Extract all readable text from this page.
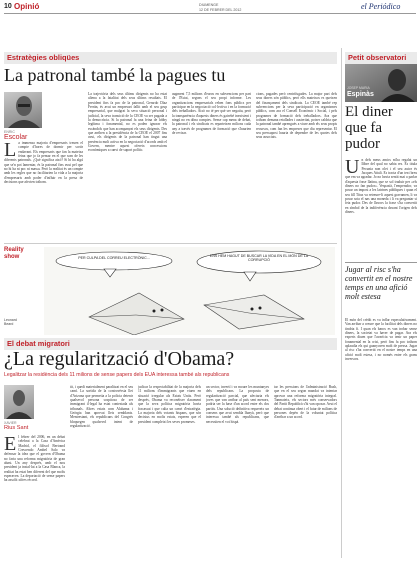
10 Opinió	DIUMENGE
12 DE FEBRER DEL 2012	el Periódico
Estratègies obliqües
La patronal també la pagues tu
ENRIC
Escolar
La immensa majoria d'empresaris treuen el compte d'hores de dormir per sortir endavant. Els empresaris que fan la mateixa feina que jo fa pensar en el que som de les diferents patronals. ¿Què significa això? Si hi ha algú que se'n pot lamentar, és la patronal fins avui pel que no hi ha ni poc ni massa. Però la realitat és un compte amb les regles que no facilitarien la vida a la majoria d'empresaris amb poder d'influir en la presa de decisions que afecten tothom.
La trajectòria dels seus últims dirigents no ha estat aliena a la fatalitat dels seus últims resultats. El president fins fa poc de la patronal, Gerardo Díaz Ferrán, és avui un empresari fallit amb el seu grup empresarial, que malgrat la seva situació personal i judicial, la seva transició de la CEOE va ser pagada a la democràcia. Si la patronal fa una feina de lobby legítima i fonamental, no es poden ignorar els escàndols que han acompanyat els seus dirigents. Des que arriben a la presidència de la CEOE el 2007 fins avui, els dirigents de la patronal han tingut una presència molt activa en la negociació d'acords amb el Govern, mentre aquest ofereix concessions econòmiques a canvi de suport polític.
augment 7,5 milions d'euros en subvencions per part de l'Estat, segons el seu propi informe. Les organitzacions empresarials reben fons públics per participar en la negociació col·lectiva i en la formació dels treballadors. Això no té per què ser negatiu, però la transparència d'aquests diners és gairebé inexistent i ningú no en dóna comptes. Sense cap mena de debat, la patronal i els sindicats es reparteixen milions cada any a través de programes de formació que s'haurien de revisar.
cions, pagades però centrifugades. La major part dels seus diners són públics, però ells mateixos es queixen del finançament dels sindicats. La CEOE també rep subvencions per la seva participació en organismes públics, com ara el Consell Econòmic i Social, i pels programes de formació dels treballadors. Ara que tothom demana retallades i austeritat, potser caldria que la patronal també aprengués a viure amb els seus propis recursos, com fan les empreses que diu representar. El seu pressupost hauria de dependre de les quotes dels seus associats.
Reality
show	PER CULPA DEL CORREU ELECTRÒNIC...	ENS HEM HAGUT DE BUSCAR LA VIDA EN EL MÓN DE LA CORRUPCIÓ
Leonard
Beard
Petit observatori
JOSEP MARIA
Espinàs
El diner que fa pudor
Un dels meus amics m'ha regalat un llibre del qual no sabia res. Es titula Pecunia non olet i el seu autor és Jacques Attali. Es tracta d'un text breu que em va agradar. Jo no havia sentit mai a parlar d'aquesta frase llatina, que se sol traduir per «els diners no fan pudor». Vespasià, l'emperador, va posar un impost a les latrines públiques i quan el seu fill Titus va retreure-li aquest gravamen, li va posar sota el nas una moneda i li va preguntar si feia pudor. Des de llavors la frase s'ha convertit en símbol de la indiferència davant l'origen dels diners.
Jugar al risc s'ha convertit en el nostre temps en una afició molt estesa
El món del crèdit es va inflar especulativament. Van arribar a creure que la facilitat dels diners no tindria fi. I quan els bancs es van trobar sense diners, la societat va haver de pagar. Ara els experts diuen que l'avarícia va tenir un paper fonamental en la crisi, però fins fa poc tothom aplaudia els qui guanyaven molt de pressa. Jugar al risc s'ha convertit en el nostre temps en una afició molt estesa, i no només entre els grans inversors.
El debat migratori
¿La regularització d'Obama?
Legalitzar la residència dels 11 milions de sense papers dels EUA interessa també als republicans
XAVIER
Rius Sant
El febrer del 2006, en un debat celebrat a la Casa d'Amèrica Madrid, el filòsof Bertrand Crescendo Ambel Salo va defensar la idea que el govern d'Obama no faria una reforma migratòria de gran abast. Un any després, amb el nou president ja instal·lat a la Casa Blanca, la realitat ha estat ben diferent del que molts esperaven. La deportació de sense papers ha assolit xifres rècord.
tit, i quedi materialment paralitzat en el seu camí. La sortida de la controvèrsia llei d'Arizona que permetia a la policia detenir qualsevol persona sospitosa de ser immigrant il·legal ha estat contestada als tribunals. Altres estats com Alabama i Geòrgia han aprovat lleis semblants. Mentrestant, els republicans del Congrés bloquegen qualsevol intent de regularització.
judicar la respectabilitat de la majoria dels 11 milions d'immigrants que viuen en situació irregular als Estats Units. Però després, Obama va reconèixer clarament que la seva política migratòria havia fracassat i que calia un canvi d'estratègia. La majoria dels votants hispans, que són decisius en molts estats, esperen que el president compleixi les seves promeses.
un sector, invertí i va moure les muntanyes dels republicans. La proposta de regularització parcial, que afectaria els joves que van arribar al país sent menors, podria ser la base d'un acord entre els dos partits. Una solució definitiva requereix un consens que avui sembla llunyà, però que interessa també als republicans, que necessiten el vot hispà.
tar les pressions de l'administració Bush, que en el seu segon mandat va intentar aprovar una reforma migratòria integral. Tanmateix, els sectors més conservadors del Partit Republicà s'hi van oposar. Avui el debat continua obert i el futur de milions de persones depèn de la voluntat política d'arribar a un acord.
